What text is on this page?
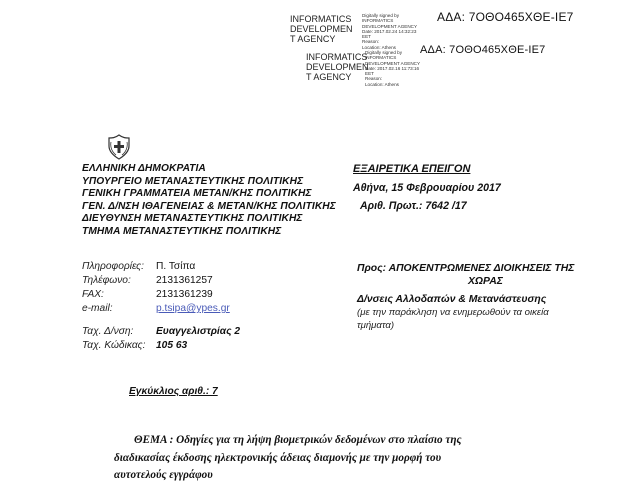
INFORMATICS
DEVELOPMEN
T AGENCY
Digitally signed by
INFORMATICS
DEVELOPMENT AGENCY
Date: 2017.02.24 14:32:23
EET
Reason:
Location: Athens
ΑΔΑ: 7ΟΘΟ465ΧΘΕ-ΙΕ7
INFORMATICS
DEVELOPMEN
T AGENCY
Digitally signed by
INFORMATICS
DEVELOPMENT AGENCY
Date: 2017.02.16 11:73:16
EET
Reason:
Location: Athens
ΑΔΑ: 7ΟΘΟ465ΧΘΕ-ΙΕ7
ΕΛΛΗΝΙΚΗ ΔΗΜΟΚΡΑΤΙΑ
ΥΠΟΥΡΓΕΙΟ ΜΕΤΑΝΑΣΤΕΥΤΙΚΗΣ ΠΟΛΙΤΙΚΗΣ
ΓΕΝΙΚΗ ΓΡΑΜΜΑΤΕΙΑ ΜΕΤΑΝ/ΚΗΣ ΠΟΛΙΤΙΚΗΣ
ΓΕΝ. Δ/ΝΣΗ ΙΘΑΓΕΝΕΙΑΣ & ΜΕΤΑΝ/ΚΗΣ ΠΟΛΙΤΙΚΗΣ
ΔΙΕΥΘΥΝΣΗ ΜΕΤΑΝΑΣΤΕΥΤΙΚΗΣ ΠΟΛΙΤΙΚΗΣ
ΤΜΗΜΑ ΜΕΤΑΝΑΣΤΕΥΤΙΚΗΣ ΠΟΛΙΤΙΚΗΣ
ΕΞΑΙΡΕΤΙΚΑ ΕΠΕΙΓΟΝ
Αθήνα, 15 Φεβρουαρίου 2017
Αριθ. Πρωτ.: 7642 /17
Πληροφορίες: Π. Τσίπα
Τηλέφωνο: 2131361257
FAX:	2131361239
e-mail:	p.tsipa@ypes.gr
Ταχ. Δ/νση: Ευαγγελιστρίας 2
Ταχ. Κώδικας: 105 63
Προς: ΑΠΟΚΕΝΤΡΩΜΕΝΕΣ ΔΙΟΙΚΗΣΕΙΣ ΤΗΣ
ΧΩΡΑΣ
Δ/νσεις Αλλοδαπών & Μετανάστευσης
(με την παράκληση να ενημερωθούν τα οικεία
τμήματα)
Εγκύκλιος αριθ.: 7
ΘΕΜΑ : Οδηγίες για τη λήψη βιομετρικών δεδομένων στο πλαίσιο της
διαδικασίας έκδοσης ηλεκτρονικής άδειας διαμονής με την μορφή του
αυτοτελούς εγγράφου
